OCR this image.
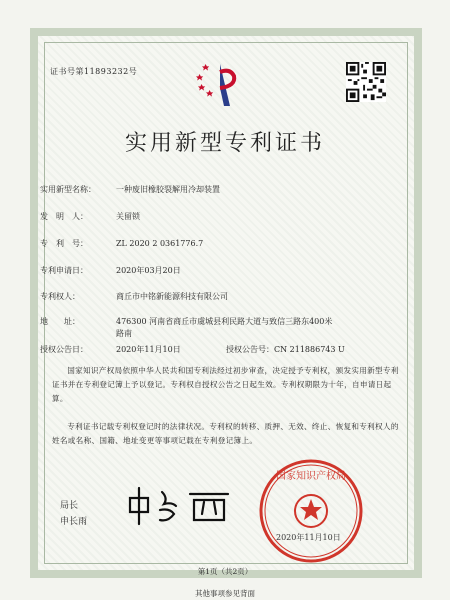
证书号第11893232号
实用新型专利证书
实用新型名称：	一种废旧橡胶裂解用冷却装置
发　明　人：	关留锁
专　利　号：	ZL 2020 2 0361776.7
专利申请日：	2020年03月20日
专利权人：	商丘市中铭新能源科技有限公司
地　　址：	476300 河南省商丘市虞城县利民路大道与致信三路东400米
路南
授权公告日：	2020年11月10日	授权公告号：CN 211886743 U
国家知识产权局依照中华人民共和国专利法经过初步审查，决定授予专利权，颁发实用新型专利证书并在专利登记簿上予以登记。专利权自授权公告之日起生效。专利权期限为十年，自申请日起算。
专利证书记载专利权登记时的法律状况。专利权的转移、质押、无效、终止、恢复和专利权人的姓名或名称、国籍、地址变更等事项记载在专利登记簿上。
局长
申长雨
国家知识产权局
2020年11月10日
第1页（共2页）
其他事项参见背面
